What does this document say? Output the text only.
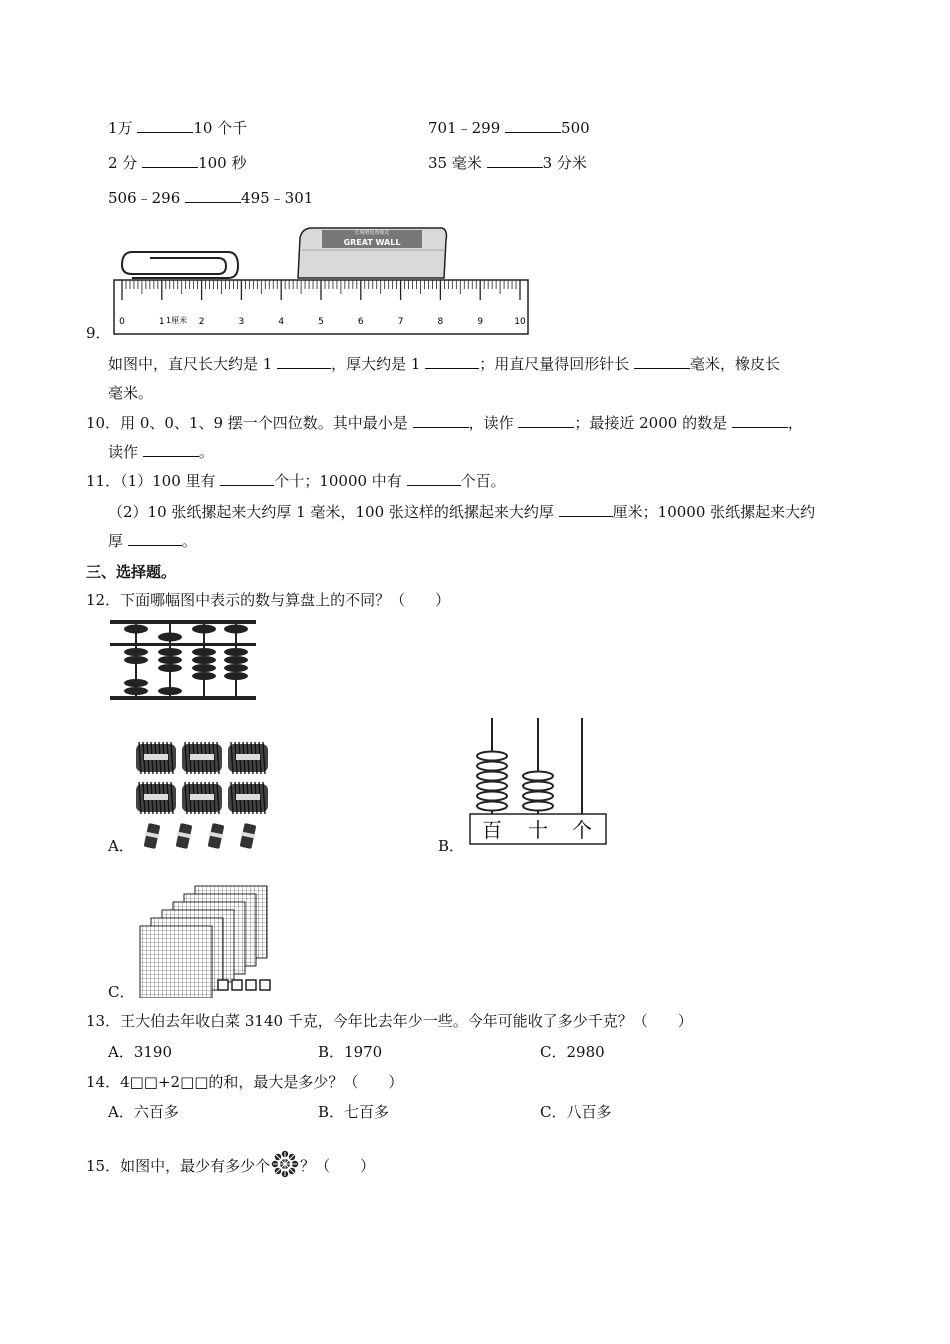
1万	10 个千	701﹣299	500
2 分	100 秒	35 毫米	3 分米
506﹣296	495﹣301
长城牌绘图橡皮
GREAT WALL
0	1	2	3	4	5	6	7	8	9	10
1厘米
9．
如图中，直尺长大约是 1	，厚大约是 1	；用直尺量得回形针长	毫米，橡皮长
毫米。
10．用 0、0、1、9 摆一个四位数。其中最小是	，读作	；最接近 2000 的数是	，
读作	。
11．（1）100 里有	个十；10000 中有	个百。
（2）10 张纸摞起来大约厚 1 毫米，100 张这样的纸摞起来大约厚	厘米；10000 张纸摞起来大约
厚	。
三、选择题。
12．下面哪幅图中表示的数与算盘上的不同？（　　）
A．
百 十 个
B．
C．
13．王大伯去年收白菜 3140 千克，今年比去年少一些。今年可能收了多少千克？（　　）
A．3190	B．1970	C．2980
14．4□□+2□□的和，最大是多少？（　　）
A．六百多	B．七百多	C．八百多
15．如图中，最少有多少个 ？（　　）
